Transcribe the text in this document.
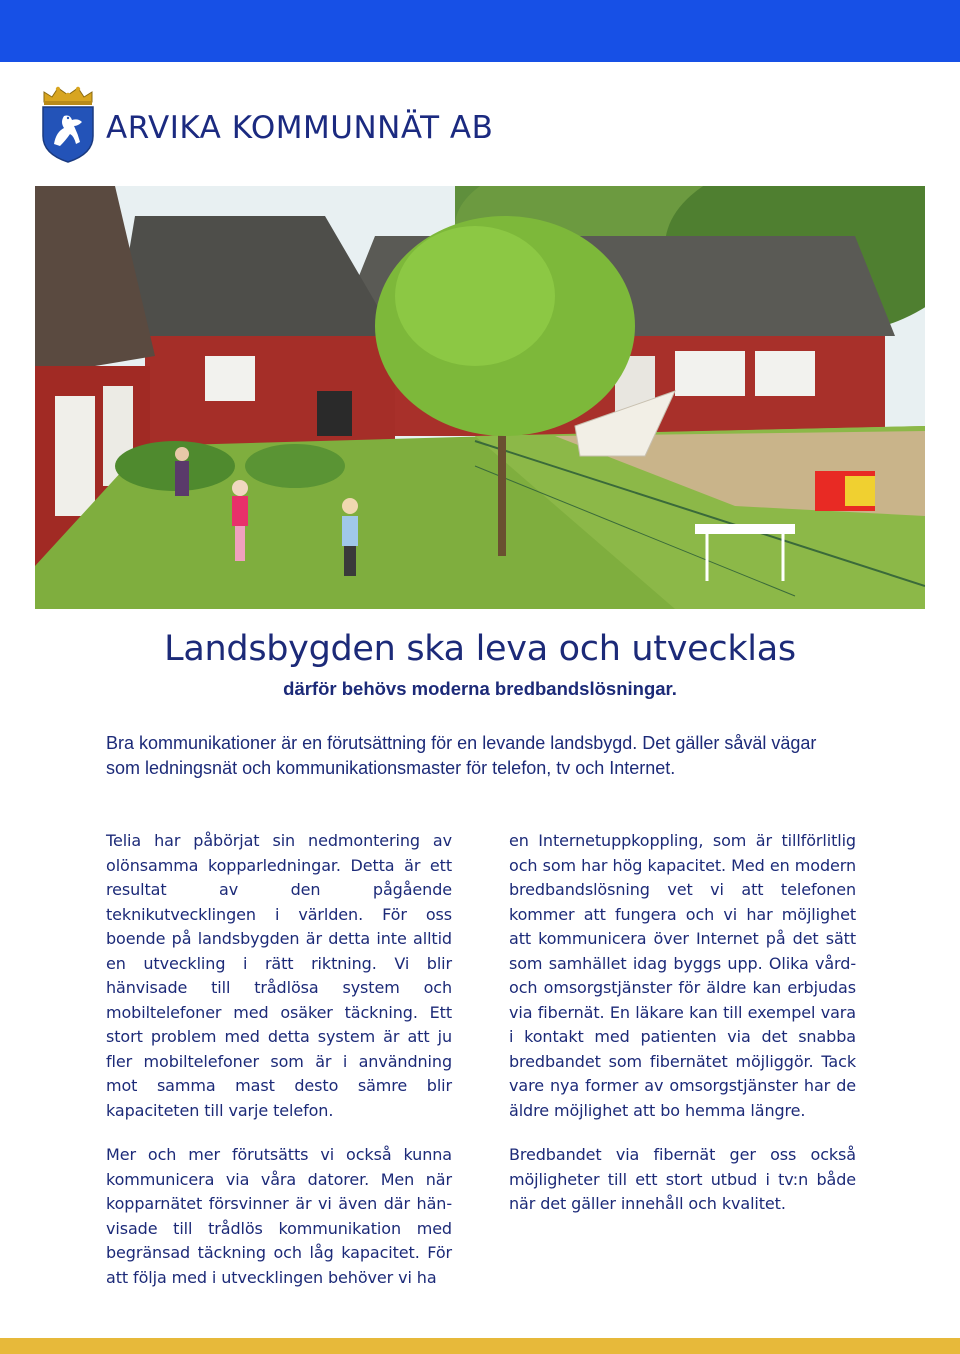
ARVIKA KOMMUNNÄT AB
Landsbygden ska leva och utvecklas
därför behövs moderna bredbandslösningar.

Bra kommunikationer är en förutsättning för en levande landsbygd. Det gäller såväl vägar som ledningsnät och kommunikationsmaster för telefon, tv och Internet.

Telia har påbörjat sin nedmontering av olönsamma kopparledningar. Detta är ett resultat av den pågående teknikutvecklingen i världen. För oss boende på landsbygden är detta inte alltid en utveckling i rätt riktning. Vi blir hänvisade till trådlösa system och mobiltelefoner med osäker täckning. Ett stort problem med detta system är att ju fler mobiltelefoner som är i användning mot samma mast desto sämre blir kapaciteten till varje telefon.

Mer och mer förutsätts vi också kunna kommunicera via våra datorer. Men när kopparnätet försvinner är vi även där hän-visade till trådlös kommunikation med begränsad täckning och låg kapacitet. För att följa med i utvecklingen behöver vi ha

en Internetuppkoppling, som är tillförlitlig och som har hög kapacitet. Med en modern bredbandslösning vet vi att telefonen kommer att fungera och vi har möjlighet att kommunicera över Internet på det sätt som samhället idag byggs upp. Olika vård- och omsorgstjänster för äldre kan erbjudas via fibernät. En läkare kan till exempel vara i kontakt med patienten via det snabba bredbandet som fibernätet möjliggör. Tack vare nya former av omsorgstjänster har de äldre möjlighet att bo hemma längre.

Bredbandet via fibernät ger oss också möjligheter till ett stort utbud i tv:n både när det gäller innehåll och kvalitet.
